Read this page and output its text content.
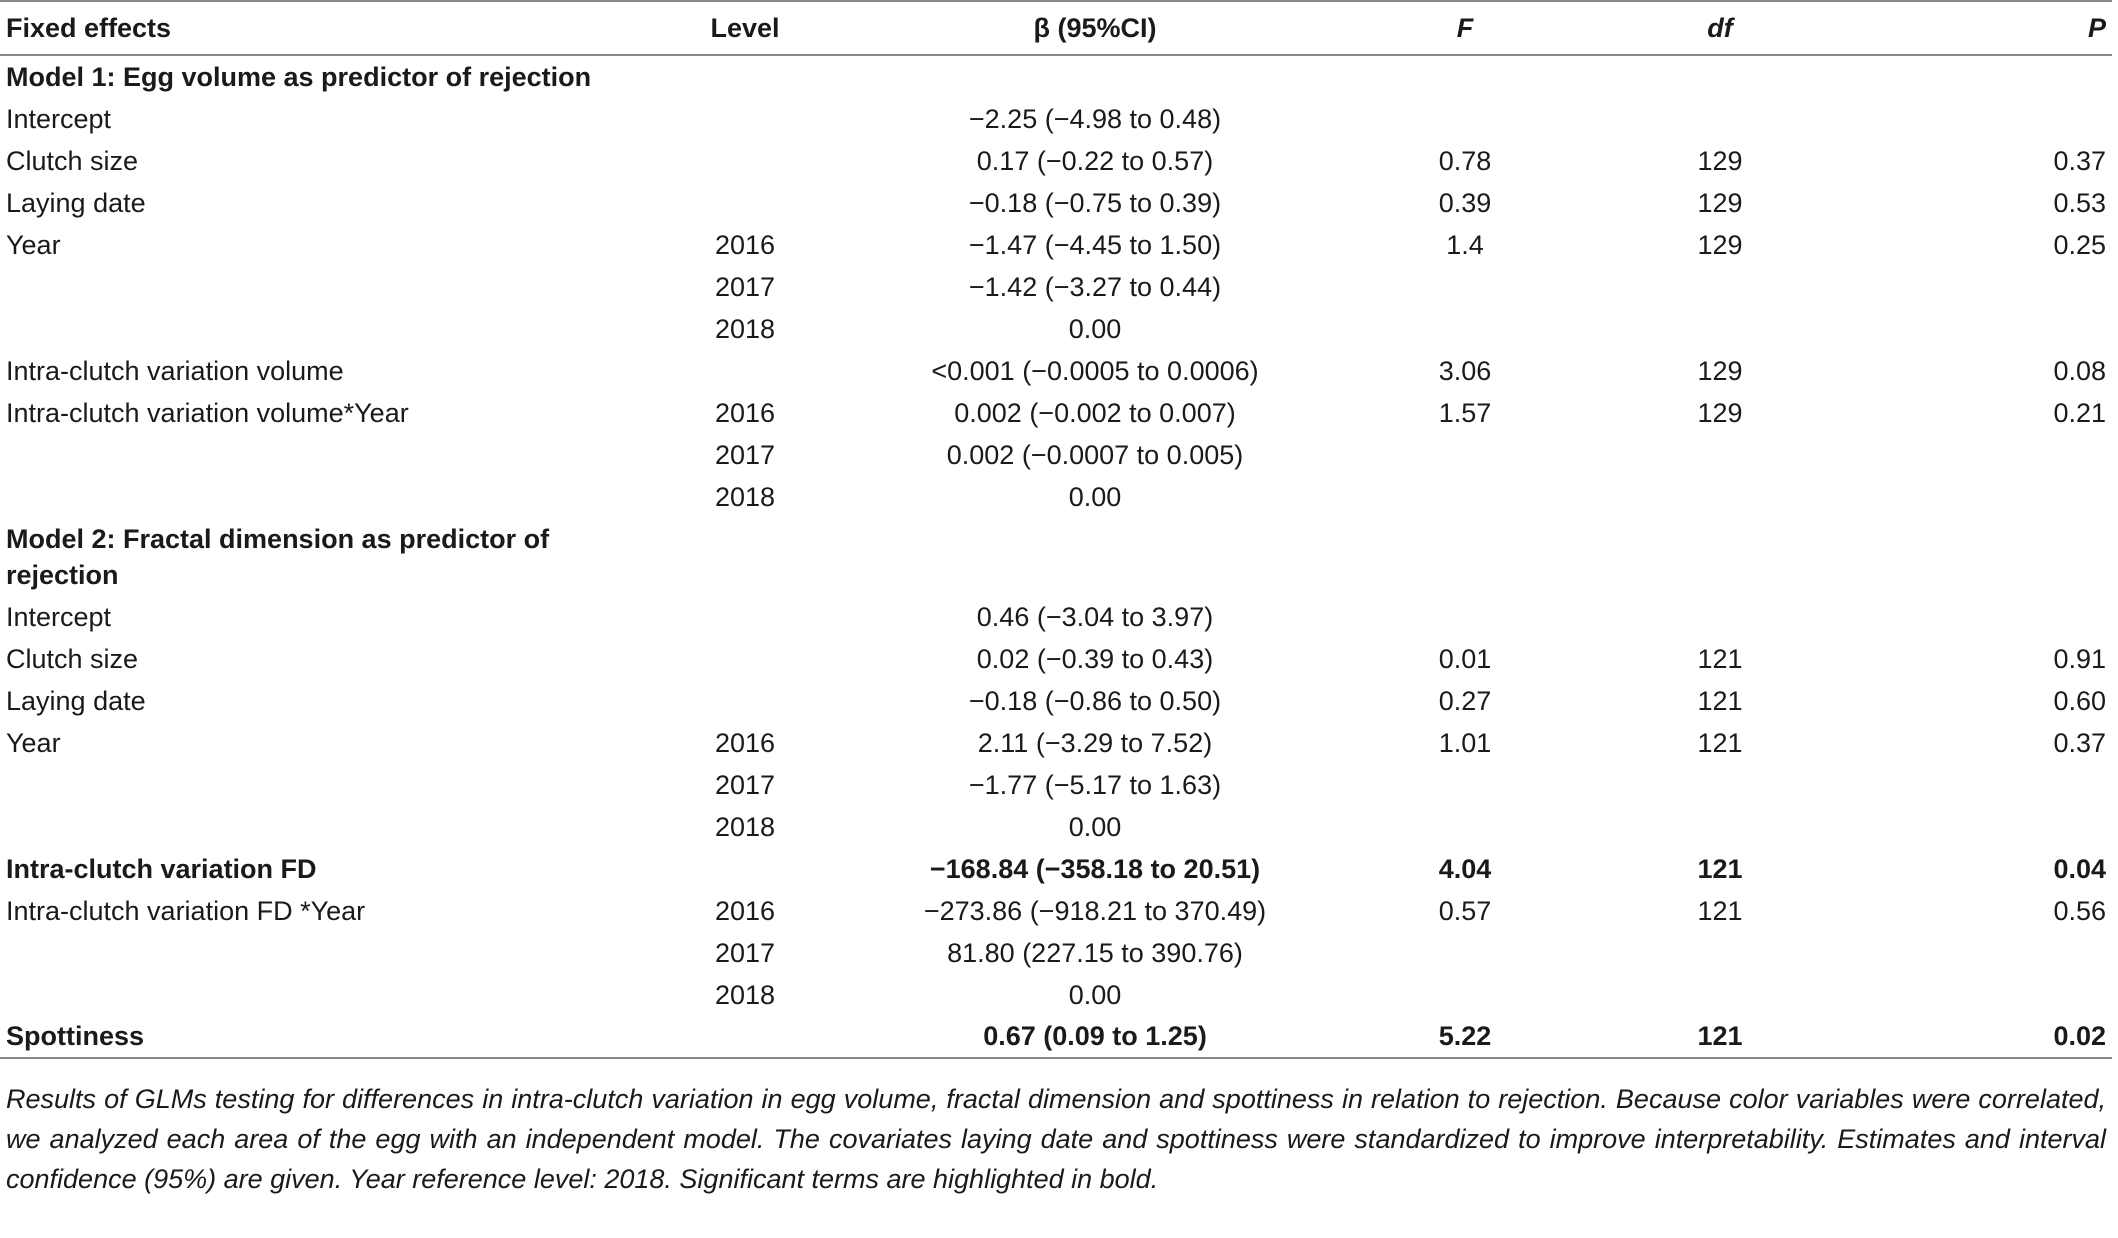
Fixed effects	Level	β (95%CI)	F	df	P
Model 1: Egg volume as predictor of rejection					
Intercept		−2.25 (−4.98 to 0.48)			
Clutch size		0.17 (−0.22 to 0.57)	0.78	129	0.37
Laying date		−0.18 (−0.75 to 0.39)	0.39	129	0.53
Year	2016	−1.47 (−4.45 to 1.50)	1.4	129	0.25
	2017	−1.42 (−3.27 to 0.44)			
	2018	0.00			
Intra-clutch variation volume		<0.001 (−0.0005 to 0.0006)	3.06	129	0.08
Intra-clutch variation volume*Year	2016	0.002 (−0.002 to 0.007)	1.57	129	0.21
	2017	0.002 (−0.0007 to 0.005)			
	2018	0.00			
Model 2: Fractal dimension as predictor of rejection					
Intercept		0.46 (−3.04 to 3.97)			
Clutch size		0.02 (−0.39 to 0.43)	0.01	121	0.91
Laying date		−0.18 (−0.86 to 0.50)	0.27	121	0.60
Year	2016	2.11 (−3.29 to 7.52)	1.01	121	0.37
	2017	−1.77 (−5.17 to 1.63)			
	2018	0.00			
Intra-clutch variation FD		−168.84 (−358.18 to 20.51)	4.04	121	0.04
Intra-clutch variation FD *Year	2016	−273.86 (−918.21 to 370.49)	0.57	121	0.56
	2017	81.80 (227.15 to 390.76)			
	2018	0.00			
Spottiness		0.67 (0.09 to 1.25)	5.22	121	0.02
Results of GLMs testing for differences in intra-clutch variation in egg volume, fractal dimension and spottiness in relation to rejection. Because color variables were correlated, we analyzed each area of the egg with an independent model. The covariates laying date and spottiness were standardized to improve interpretability. Estimates and interval confidence (95%) are given. Year reference level: 2018. Significant terms are highlighted in bold.
